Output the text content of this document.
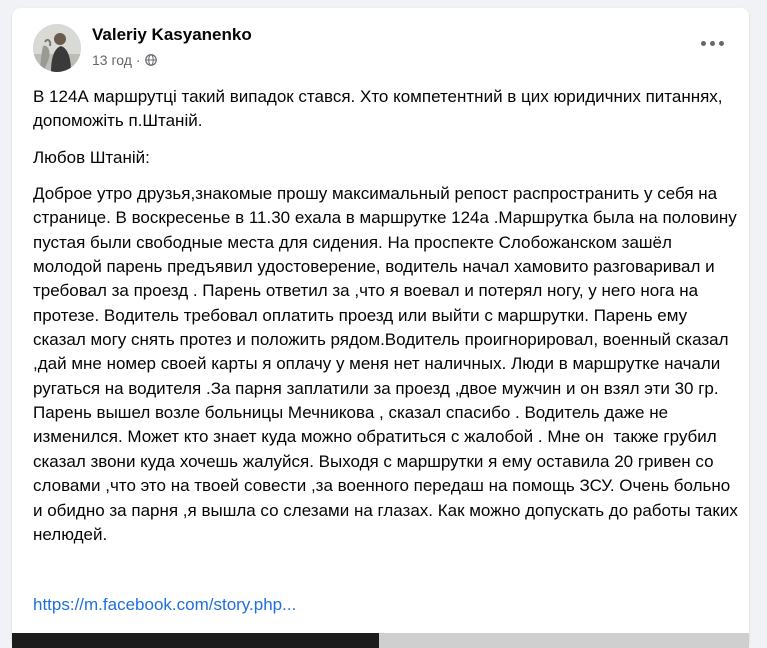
Valeriy Kasyanenko
13 год ·

В 124А маршрутці такий випадок стався. Хто компетентний в цих юридичних питаннях, допоможіть п.Штаній.

Любов Штаній:

Доброе утро друзья,знакомые прошу максимальный репост распространить у себя на странице. В воскресенье в 11.30 ехала в маршрутке 124а .Маршрутка была на половину пустая были свободные места для сидения. На проспекте Слобожанском зашёл молодой парень предъявил удостоверение, водитель начал хамовито разговаривал и требовал за проезд . Парень ответил за ,что я воевал и потерял ногу, у него нога на протезе. Водитель требовал оплатить проезд или выйти с маршрутки. Парень ему сказал могу снять протез и положить рядом.Водитель проигнорировал, военный сказал ,дай мне номер своей карты я оплачу у меня нет наличных. Люди в маршрутке начали ругаться на водителя .За парня заплатили за проезд ,двое мужчин и он взял эти 30 гр. Парень вышел возле больницы Мечникова , сказал спасибо . Водитель даже не изменился. Может кто знает куда можно обратиться с жалобой . Мне он  также грубил сказал звони куда хочешь жалуйся. Выходя с маршрутки я ему оставила 20 гривен со словами ,что это на твоей совести ,за военного передаш на помощь ЗСУ. Очень больно и обидно за парня ,я вышла со слезами на глазах. Как можно допускать до работы таких нелюдей.

https://m.facebook.com/story.php...
